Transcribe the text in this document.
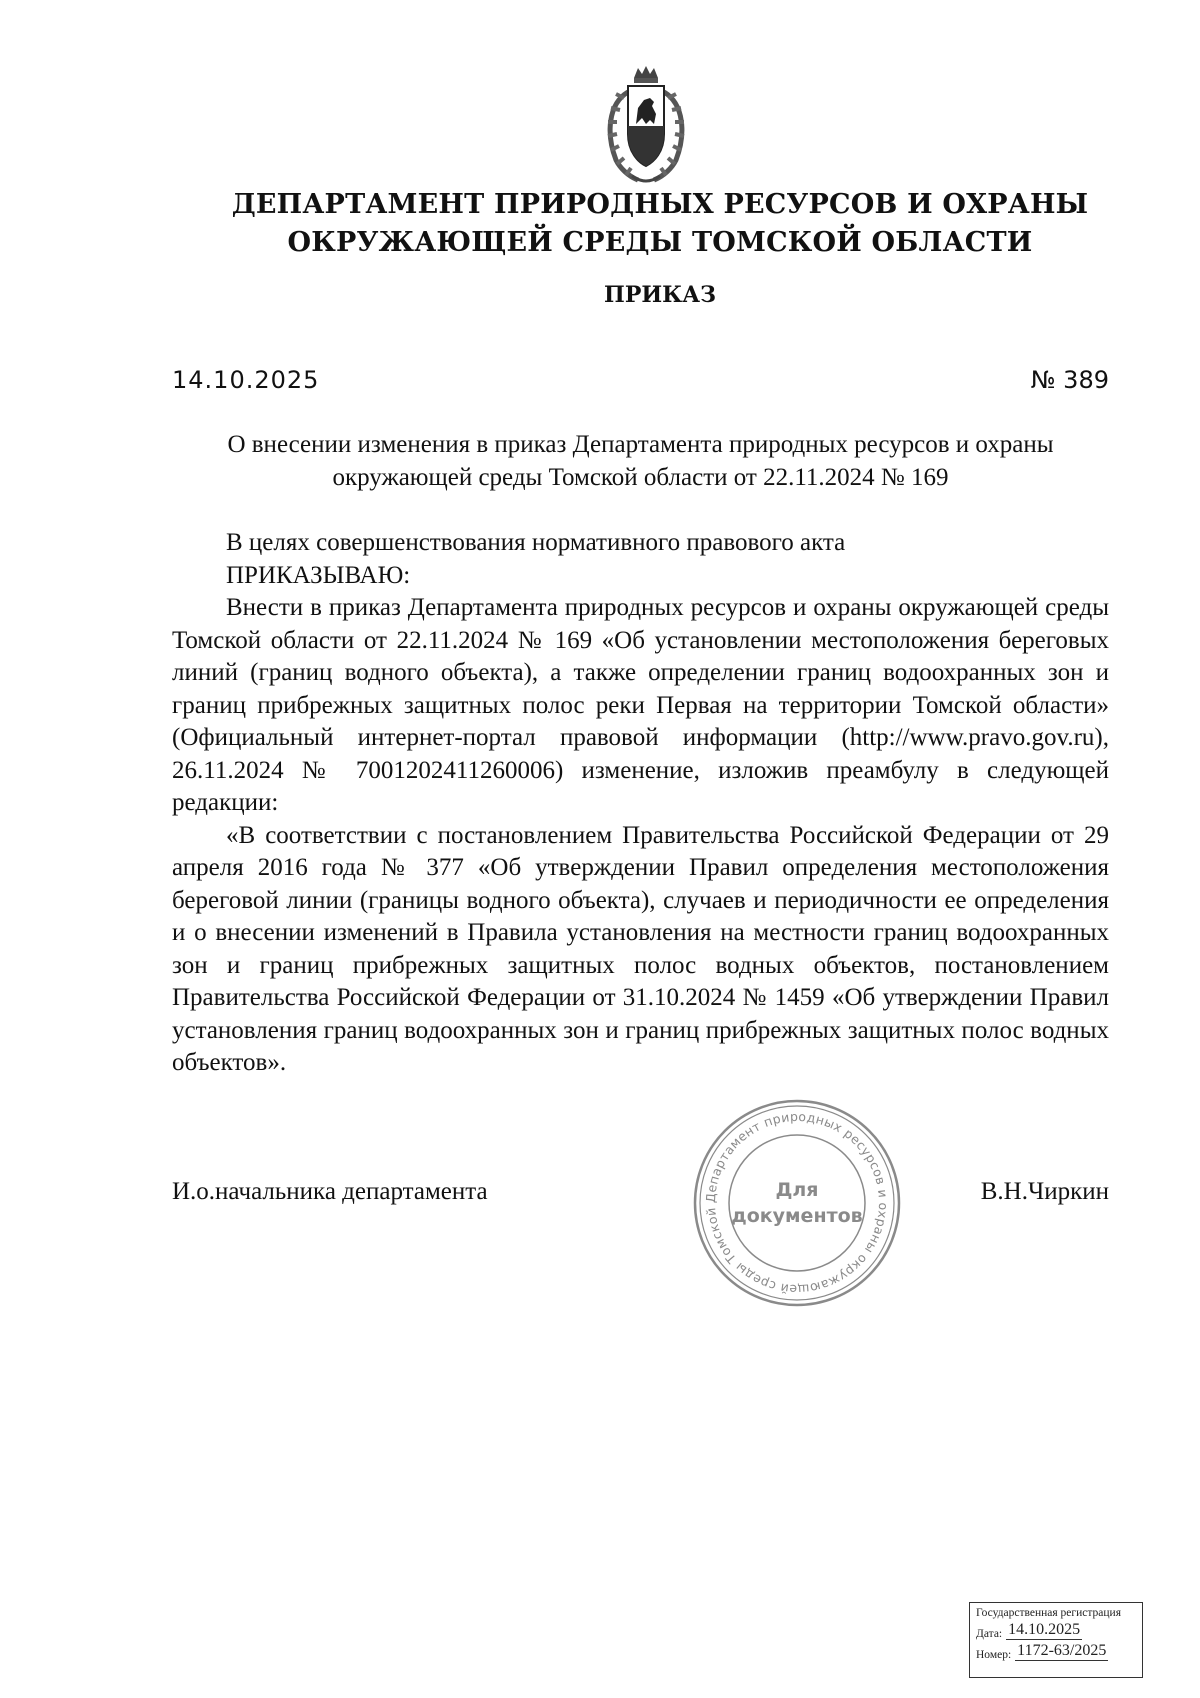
ДЕПАРТАМЕНТ ПРИРОДНЫХ РЕСУРСОВ И ОХРАНЫ
ОКРУЖАЮЩЕЙ СРЕДЫ ТОМСКОЙ ОБЛАСТИ
ПРИКАЗ
14.10.2025	№ 389
О внесении изменения в приказ Департамента природных ресурсов и охраны окружающей среды Томской области от 22.11.2024 № 169

В целях совершенствования нормативного правового акта

ПРИКАЗЫВАЮ:

Внести в приказ Департамента природных ресурсов и охраны окружающей среды Томской области от 22.11.2024 № 169 «Об установлении местоположения береговых линий (границ водного объекта), а также определении границ водоохранных зон и границ прибрежных защитных полос реки Первая на территории Томской области» (Официальный интернет-портал правовой информации (http://www.pravo.gov.ru), 26.11.2024 № 7001202411260006) изменение, изложив преамбулу в следующей редакции:

«В соответствии с постановлением Правительства Российской Федерации от 29 апреля 2016 года № 377 «Об утверждении Правил определения местоположения береговой линии (границы водного объекта), случаев и периодичности ее определения и о внесении изменений в Правила установления на местности границ водоохранных зон и границ прибрежных защитных полос водных объектов, постановлением Правительства Российской Федерации от 31.10.2024 № 1459 «Об утверждении Правил установления границ водоохранных зон и границ прибрежных защитных полос водных объектов».

И.о.начальника департамента	В.Н.Чиркин
Департамент природных ресурсов и охраны окружающей среды Томской
Для
документов
Государственная регистрация
Дата: 14.10.2025
Номер: 1172-63/2025
